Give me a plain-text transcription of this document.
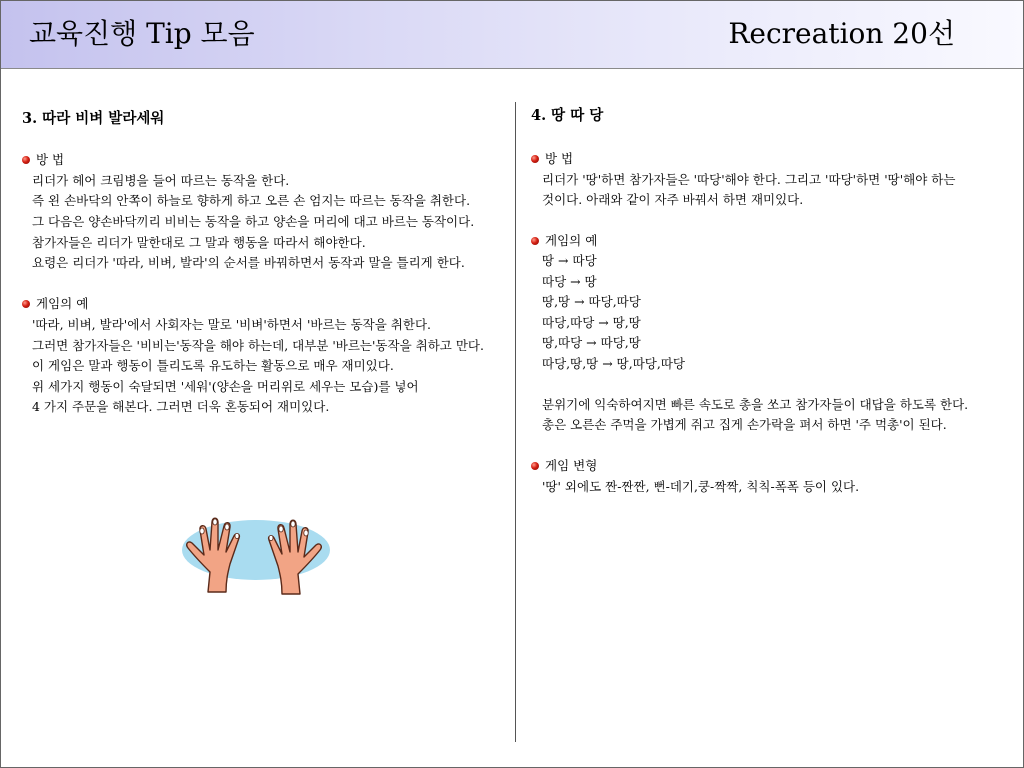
교육진행 Tip 모음	Recreation 20선
3. 따라 비벼 발라세워
방 법
리더가 헤어 크림병을 들어 따르는 동작을 한다.
즉 왼 손바닥의 안쪽이 하늘로 향하게 하고 오른 손 엄지는 따르는 동작을 취한다.
그 다음은 양손바닥끼리 비비는 동작을 하고 양손을 머리에 대고 바르는 동작이다.
참가자들은 리더가 말한대로 그 말과 행동을 따라서 해야한다.
요령은 리더가 '따라, 비벼, 발라'의 순서를 바꿔하면서 동작과 말을 틀리게 한다.
게임의 예
'따라, 비벼, 발라'에서 사회자는 말로 '비벼'하면서 '바르는 동작을 취한다.
그러면 참가자들은 '비비는'동작을 해야 하는데, 대부분 '바르는'동작을 취하고 만다.
이 게임은 말과 행동이 틀리도록 유도하는 활동으로 매우 재미있다.
위 세가지 행동이 숙달되면 '세워'(양손을 머리위로 세우는 모습)를 넣어
4 가지 주문을 해본다. 그러면 더욱 혼동되어 재미있다.
4. 땅 따 당
방 법
리더가 '땅'하면 참가자들은 '따당'해야 한다. 그리고 '따당'하면 '땅'해야 하는
것이다. 아래와 같이 자주 바꿔서 하면 재미있다.
게임의 예
땅 → 따당
따당 → 땅
땅,땅 → 따당,따당
따당,따당 → 땅,땅
땅,따당 → 따당,땅
따당,땅,땅 → 땅,따당,따당
분위기에 익숙하여지면 빠른 속도로 총을 쏘고 참가자들이 대답을 하도록 한다.
총은 오른손 주먹을 가볍게 쥐고 집게 손가락을 펴서 하면 '주 먹총'이 된다.
게임 변형
'땅' 외에도 짠-짠짠, 뻔-데기,쿵-짝짝, 칙칙-폭폭 등이 있다.
